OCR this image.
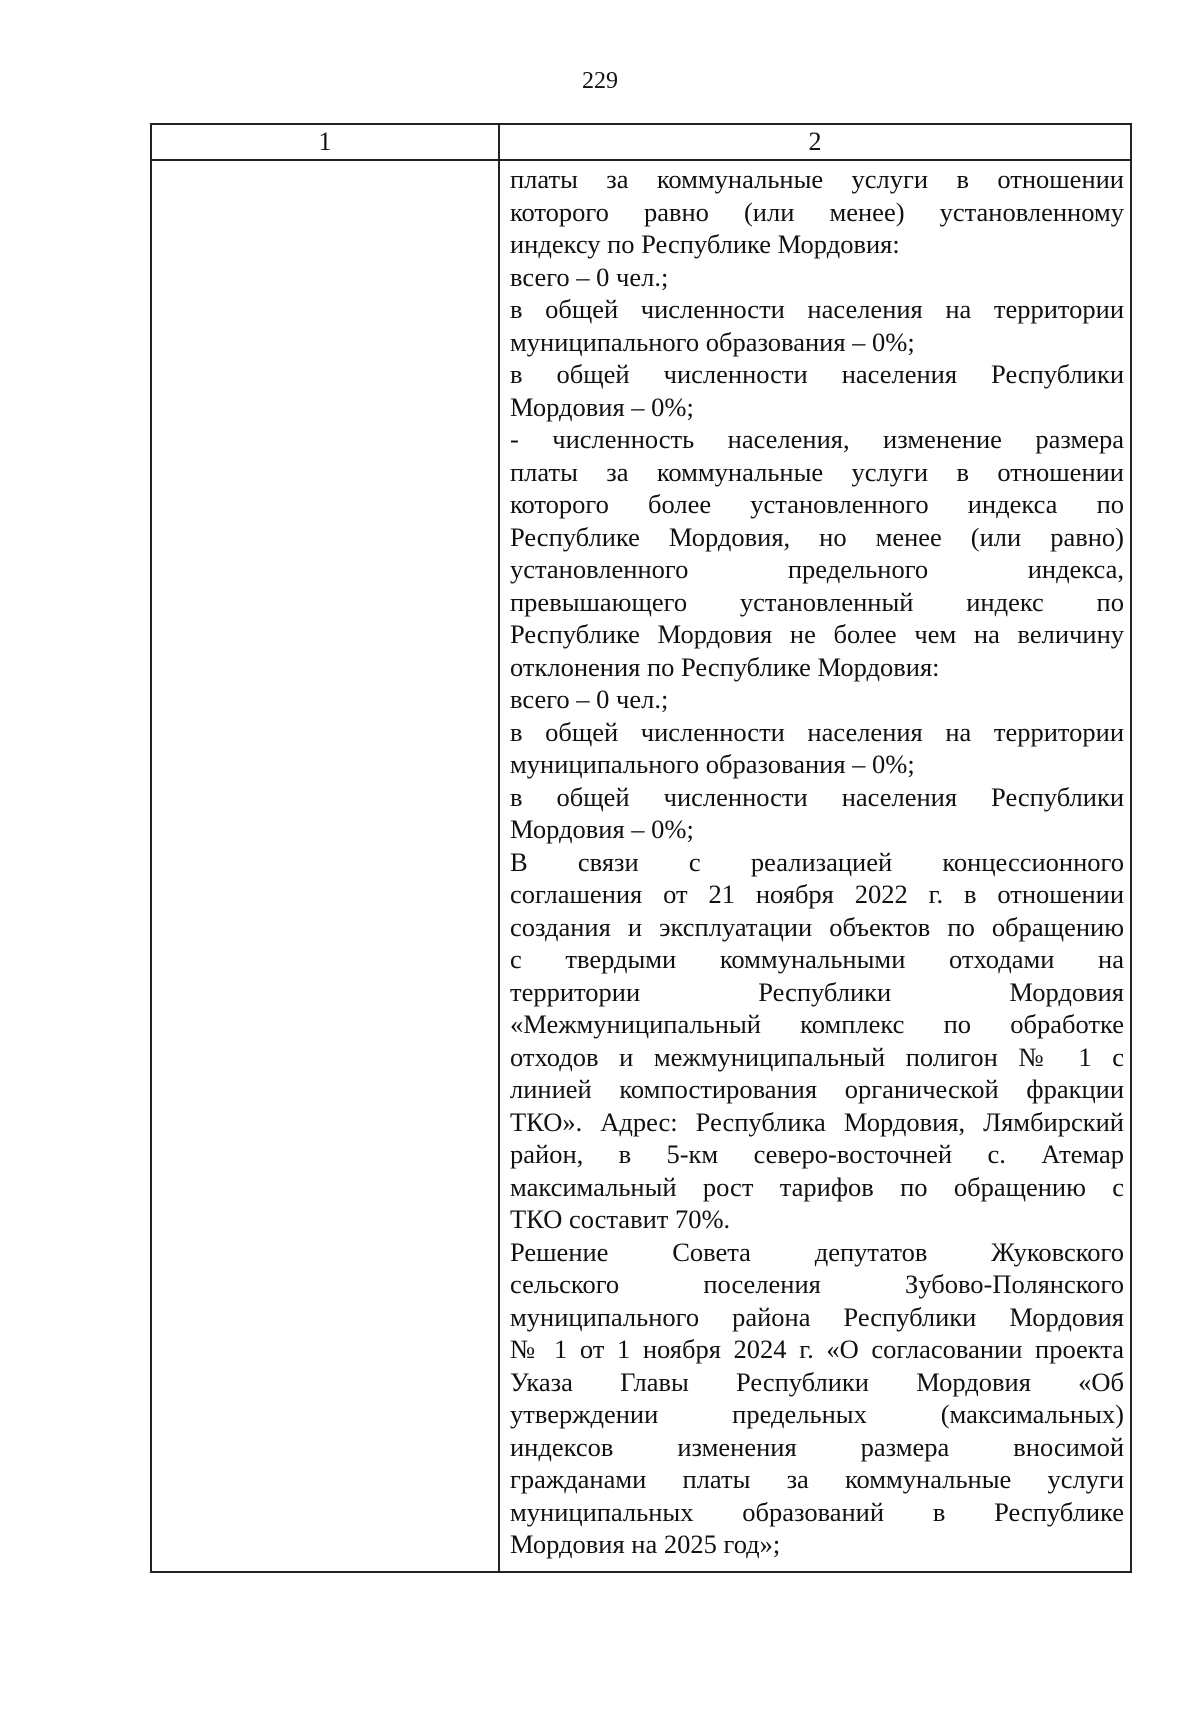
229
1	2
платы за коммунальные услуги в отношении
которого равно (или менее) установленному
индексу по Республике Мордовия:
всего – 0 чел.;
в общей численности населения на территории
муниципального образования – 0%;
в общей численности населения Республики
Мордовия – 0%;
- численность населения, изменение размера
платы за коммунальные услуги в отношении
которого более установленного индекса по
Республике Мордовия, но менее (или равно)
установленного предельного индекса,
превышающего установленный индекс по
Республике Мордовия не более чем на величину
отклонения по Республике Мордовия:
всего – 0 чел.;
в общей численности населения на территории
муниципального образования – 0%;
в общей численности населения Республики
Мордовия – 0%;
В связи с реализацией концессионного
соглашения от 21 ноября 2022 г. в отношении
создания и эксплуатации объектов по обращению
с твердыми коммунальными отходами на
территории Республики Мордовия
«Межмуниципальный комплекс по обработке
отходов и межмуниципальный полигон № 1 с
линией компостирования органической фракции
ТКО». Адрес: Республика Мордовия, Лямбирский
район, в 5-км северо-восточней с. Атемар
максимальный рост тарифов по обращению с
ТКО составит 70%.
Решение Совета депутатов Жуковского
сельского поселения Зубово-Полянского
муниципального района Республики Мордовия
№ 1 от 1 ноября 2024 г. «О согласовании проекта
Указа Главы Республики Мордовия «Об
утверждении предельных (максимальных)
индексов изменения размера вносимой
гражданами платы за коммунальные услуги
муниципальных образований в Республике
Мордовия на 2025 год»;
